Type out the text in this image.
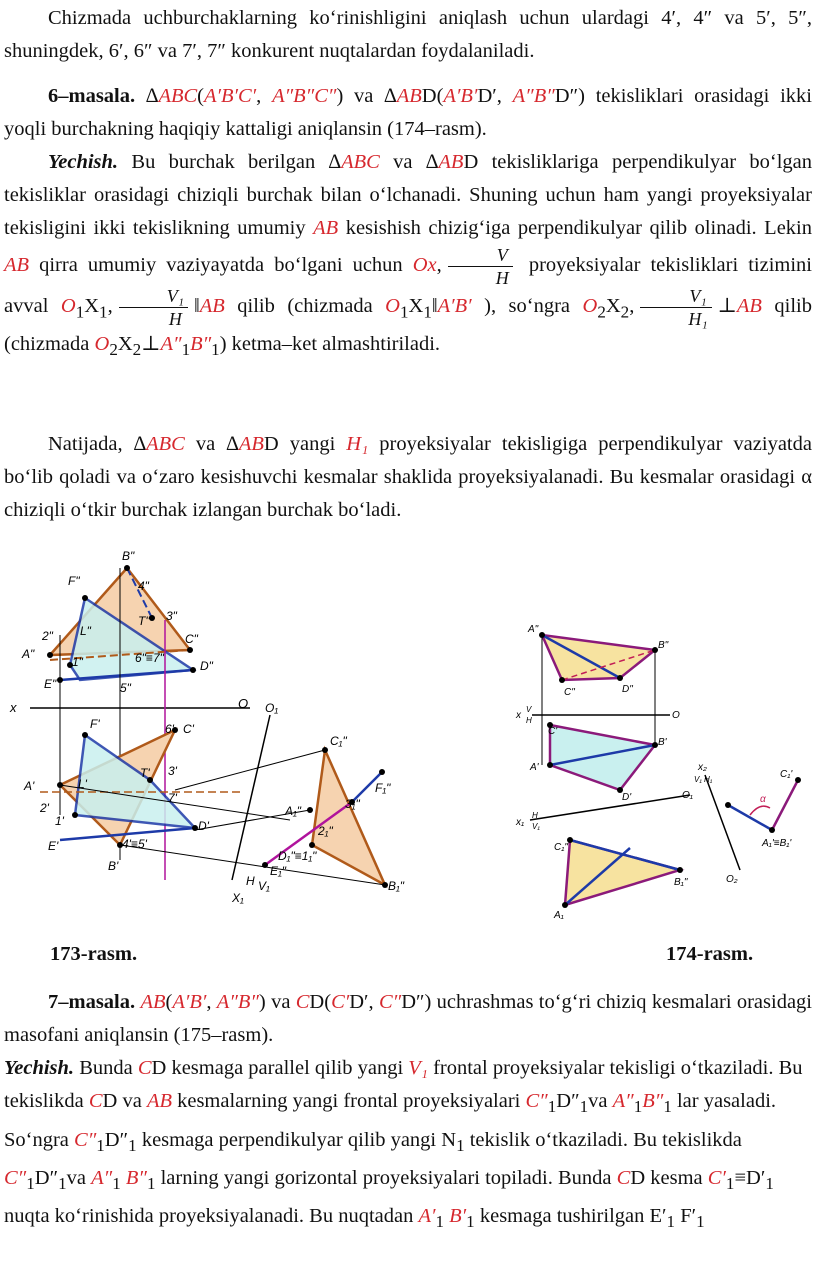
Chizmada uchburchaklarning ko‘rinishligini aniqlash uchun ulardagi 4′, 4″ va 5′, 5″, shuningdek, 6′, 6″ va 7′, 7″ konkurent nuqtalardan foydalaniladi.

6–masala. ∆ABC(A′B′C′, A″B″C″) va ∆ABD(A′B′D′, A″B″D″) tekisliklari orasidagi ikki yoqli burchakning haqiqiy kattaligi aniqlansin (174–rasm).

Yechish. Bu burchak berilgan ∆ABC va ∆ABD tekisliklariga perpendikulyar bo‘lgan tekisliklar orasidagi chiziqli burchak bilan o‘lchanadi. Shuning uchun ham yangi proyeksiyalar tekisligini ikki tekislikning umumiy AB kesishish chizig‘iga perpendikulyar qilib olinadi. Lekin AB qirra umumiy vaziyayatda bo‘lgani uchun Ox, $\frac{V}{H}$ proyeksiyalar tekisliklari tizimini avval $O_1X_1$, $\frac{\text{V₁}}{H}$ ‖AB qilib (chizmada $O_1X_1‖A'B'$ ), so‘ngra $O_2X_2$, $\frac{\text{V₁}}{\text{H₁}}$ ⊥AB qilib (chizmada $O_2X_2\perp A''_1B''_1$) ketma–ket almashtiriladi.

Natijada, ∆ABC va ∆ABD yangi H₁ proyeksiyalar tekisligiga perpendikulyar vaziyatda bo‘lib qoladi va o‘zaro kesishuvchi kesmalar shaklida proyeksiyalanadi. Bu kesmalar orasidagi α chiziqli o‘tkir burchak izlangan burchak bo‘ladi.

B"
F"	4"
3"
2" L"
T"
C"
A"
1"	6"≡7"
D"
E"	5"
x	O
F'	6' C'
A'	L'
T' 3'
2'
7'
1'	D'
E'	4'≡5'
B'
C₁"
A₁"	3₁"
F₁"
2₁"
D₁"≡1₁"
E₁"
B₁"
O₁
X₁
H V₁
A"
B"
C"	D"
x
V
H	O
C'
B'
A'
D'	O₁
x₂
V₁ H₁	C₁'
α
x₁
H
V₁
C₁"
B₁"
A₁
A₁'≡B₁'
O₂
173-rasm.	174-rasm.

7–masala. AB(A′B′, A″B″) va CD(C′D′, C″D″) uchrashmas to‘g‘ri chiziq kesmalari orasidagi masofani aniqlansin (175–rasm).

Yechish. Bunda CD kesmaga parallel qilib yangi V₁ frontal proyeksiyalar tekisligi o‘tkaziladi. Bu tekislikda CD va AB kesmalarning yangi frontal proyeksiyalari $C''_1D''_1va$ $A''_1B''_1$ lar yasaladi. So‘ngra $C''_1D''_1$ kesmaga perpendikulyar qilib yangi $N_1$ tekislik o‘tkaziladi. Bu tekislikda $C''_1D''_1va$ $A''_1$ $B''_1$ larning yangi gorizontal proyeksiyalari topiladi. Bunda CD kesma $C'_1\equiv D'_1$ nuqta ko‘rinishida proyeksiyalanadi. Bu nuqtadan $A'_1$ $B'_1$ kesmaga tushirilgan $E'_1$ $F'_1$
